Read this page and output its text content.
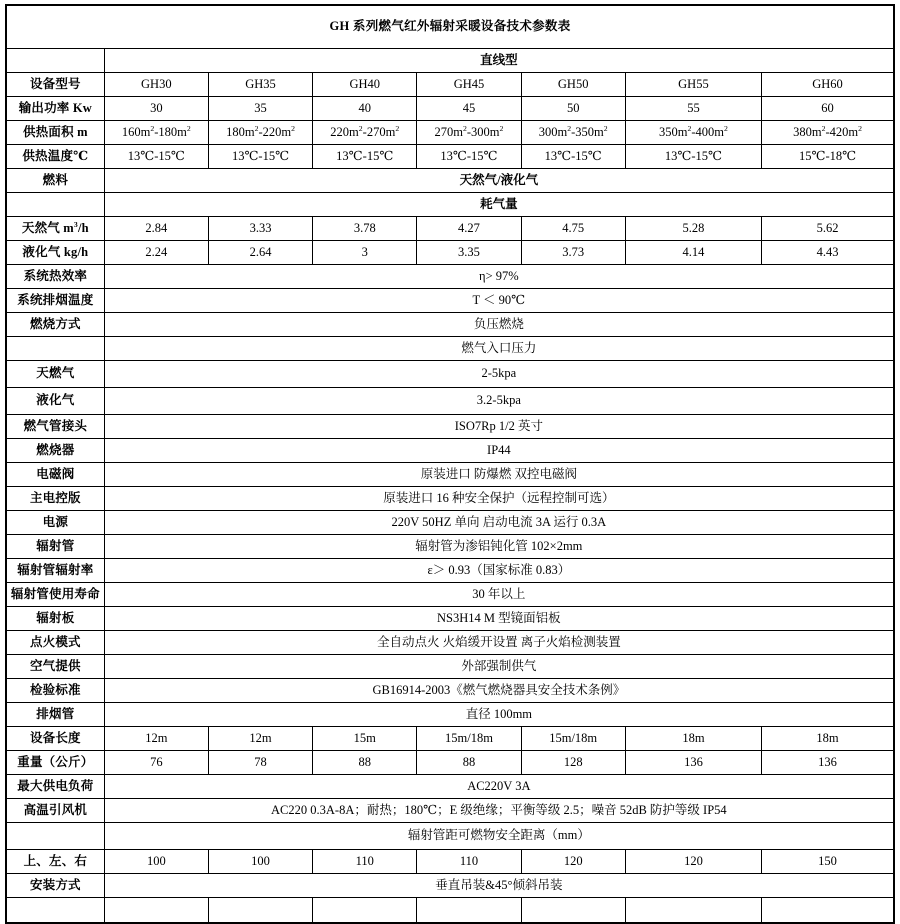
GH 系列燃气红外辐射采暖设备技术参数表							
	直线型						
设备型号	GH30	GH35	GH40	GH45	GH50	GH55	GH60
输出功率 Kw	30	35	40	45	50	55	60
供热面积 m	$160m^2-180m^2$	$180m^2-220m^2$	$220m^2-270m^2$	$270m^2-300m^2$	$300m^2-350m^2$	$350m^2-400m^2$	$380m^2-420m^2$
供热温度℃	13℃-15℃	13℃-15℃	13℃-15℃	13℃-15℃	13℃-15℃	13℃-15℃	15℃-18℃
燃料	天然气/液化气						
	耗气量						
天然气 $m^3/h$	2.84	3.33	3.78	4.27	4.75	5.28	5.62
液化气 kg/h	2.24	2.64	3	3.35	3.73	4.14	4.43
系统热效率	η> 97%						
系统排烟温度	T ＜ 90℃						
燃烧方式	负压燃烧						
	燃气入口压力						
天燃气	2-5kpa						
液化气	3.2-5kpa						
燃气管接头	ISO7Rp 1/2 英寸						
燃烧器	IP44						
电磁阀	原装进口 防爆燃 双控电磁阀						
主电控版	原装进口 16 种安全保护（远程控制可选）						
电源	220V 50HZ 单向 启动电流 3A 运行 0.3A						
辐射管	辐射管为渗铝钝化管 102×2mm						
辐射管辐射率	ε＞ 0.93（国家标准 0.83）						
辐射管使用寿命	30 年以上						
辐射板	NS3H14 M 型镜面铝板						
点火模式	全自动点火 火焰缓开设置 离子火焰检测装置						
空气提供	外部强制供气						
检验标准	GB16914-2003《燃气燃烧器具安全技术条例》						
排烟管	直径 100mm						
设备长度	12m	12m	15m	15m/18m	15m/18m	18m	18m
重量（公斤）	76	78	88	88	128	136	136
最大供电负荷	AC220V 3A						
高温引风机	AC220 0.3A-8A；耐热；180℃；E 级绝缘；平衡等级 2.5；噪音 52dB 防护等级 IP54						
	辐射管距可燃物安全距离（mm）						
上、左、右	100	100	110	110	120	120	150
安装方式	垂直吊装&45°倾斜吊装						
